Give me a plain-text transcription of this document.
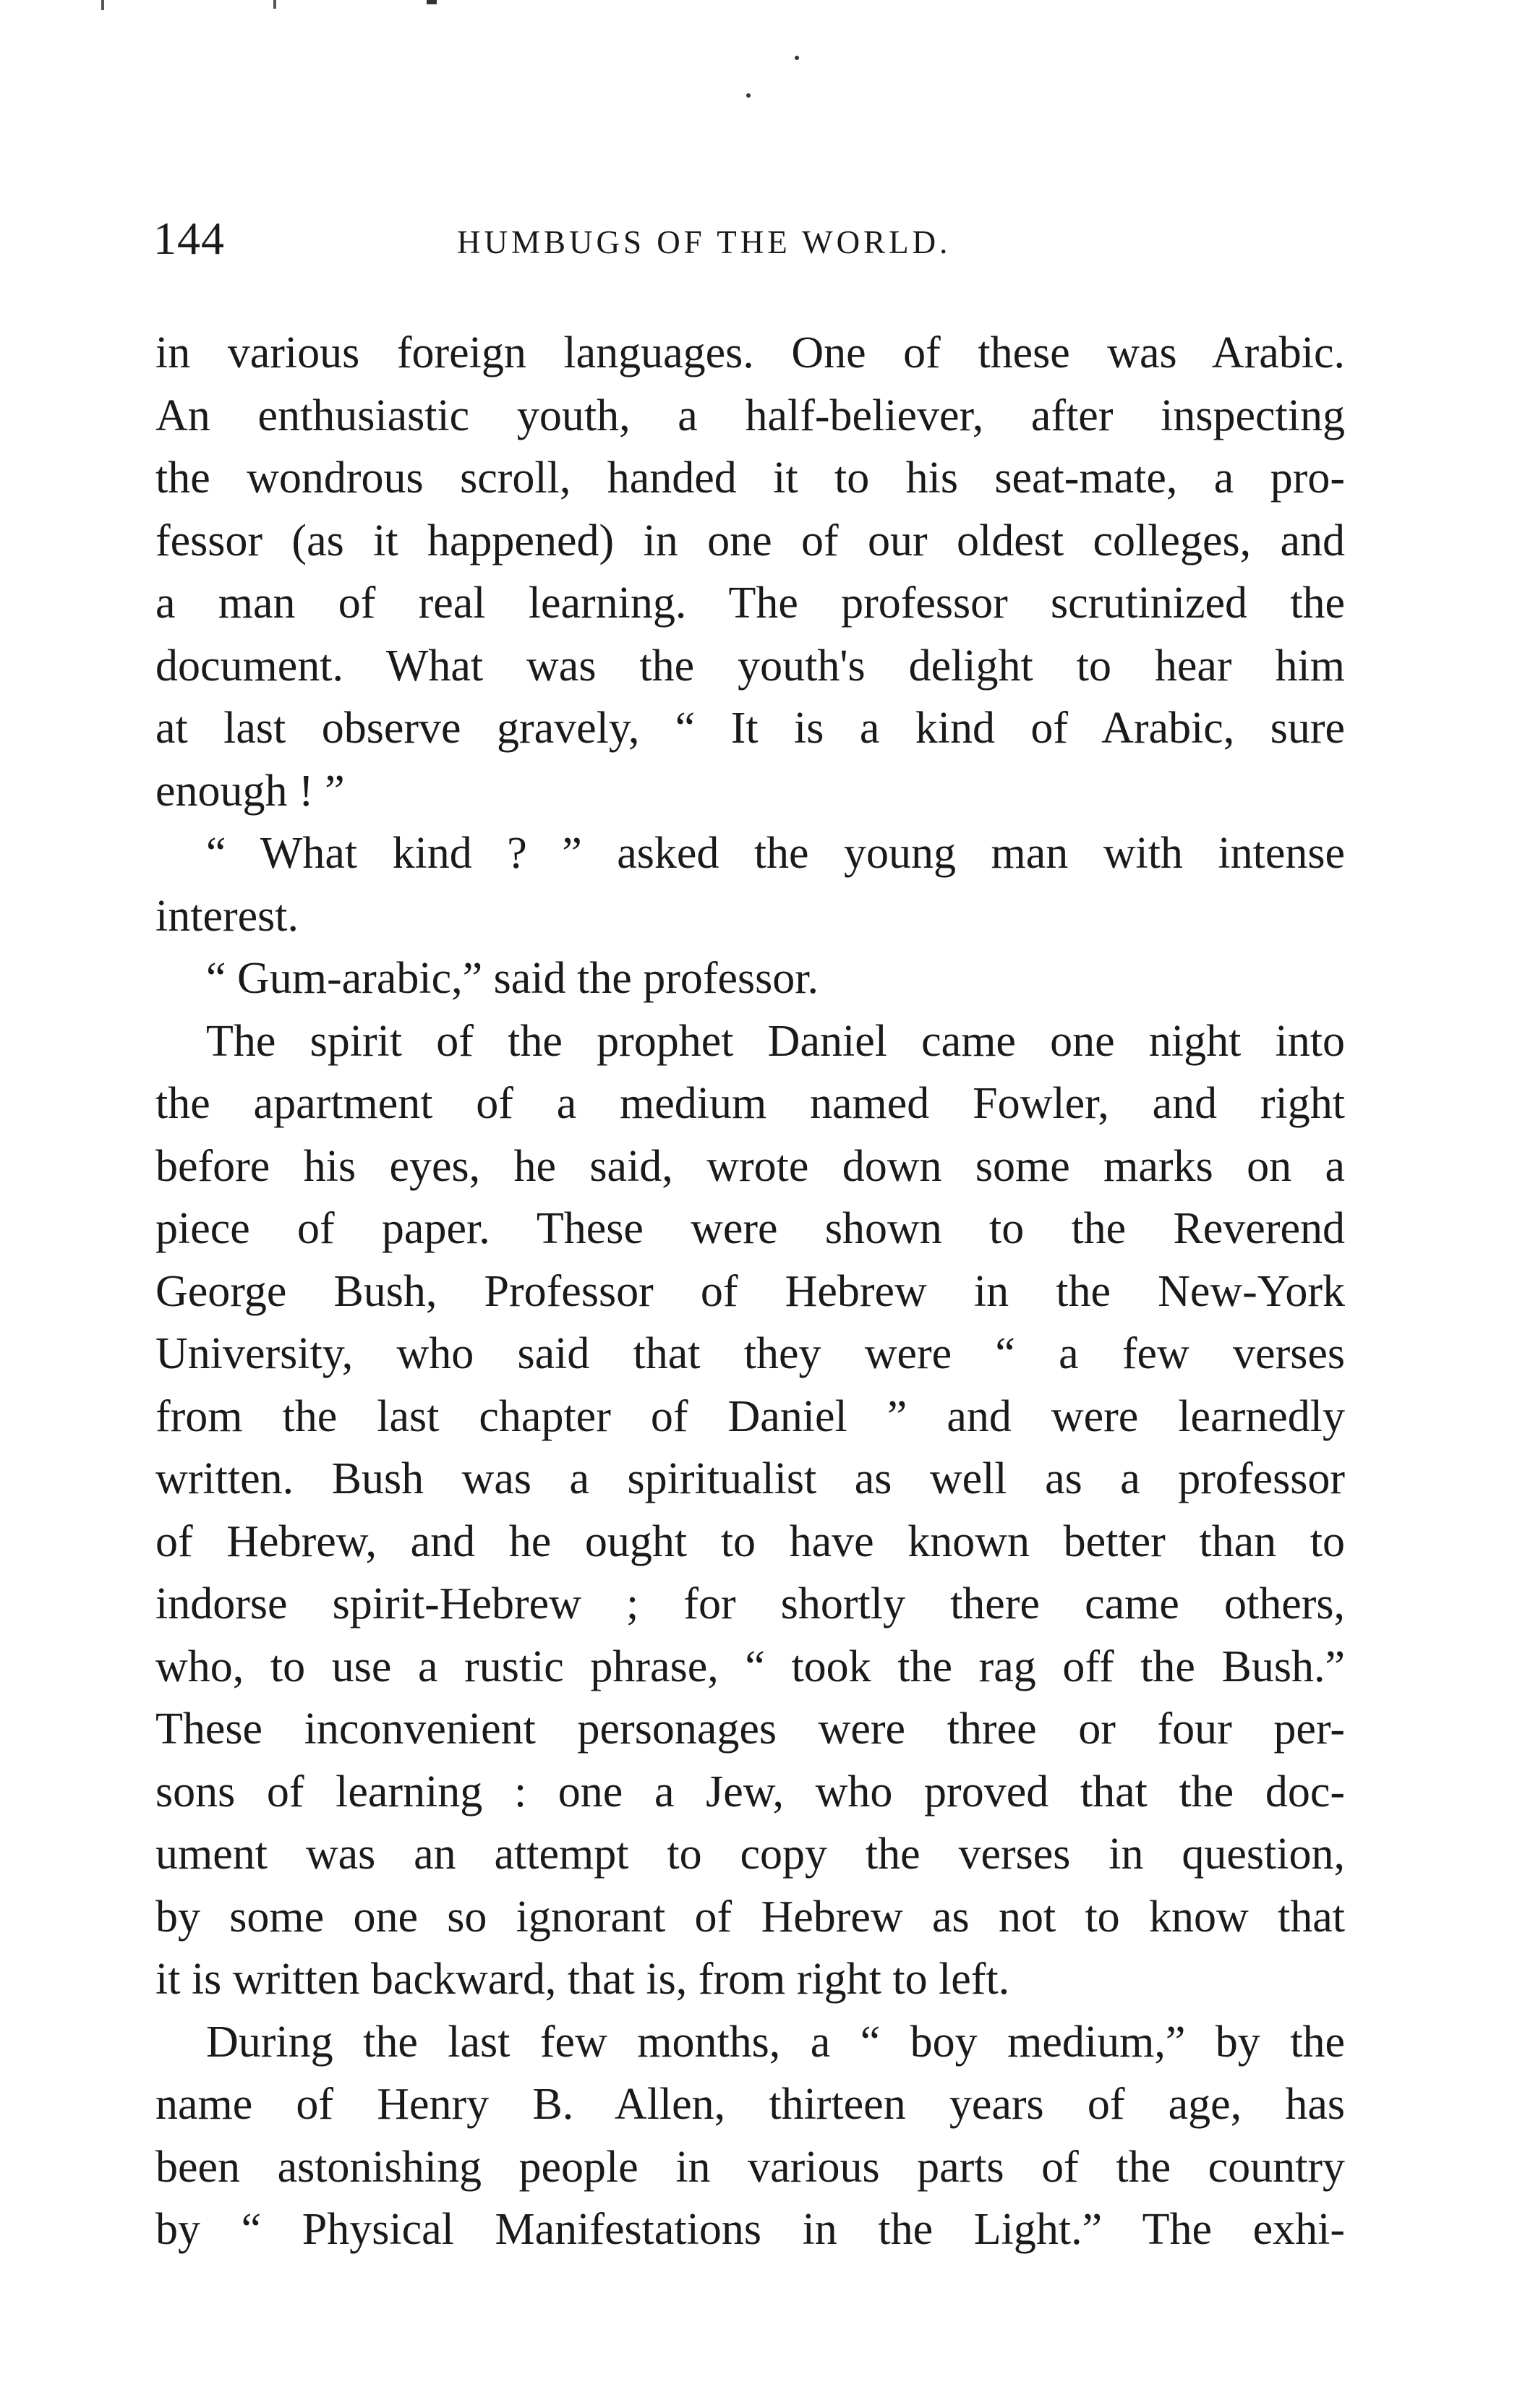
144	HUMBUGS OF THE WORLD.
in various foreign languages. One of these was Arabic.
An enthusiastic youth, a half-believer, after inspecting
the wondrous scroll, handed it to his seat-mate, a pro-
fessor (as it happened) in one of our oldest colleges, and
a man of real learning. The professor scrutinized the
document. What was the youth's delight to hear him
at last observe gravely, “ It is a kind of Arabic, sure
enough ! ”
“ What kind ? ” asked the young man with intense
interest.
“ Gum-arabic,” said the professor.
The spirit of the prophet Daniel came one night into
the apartment of a medium named Fowler, and right
before his eyes, he said, wrote down some marks on a
piece of paper. These were shown to the Reverend
George Bush, Professor of Hebrew in the New-York
University, who said that they were “ a few verses
from the last chapter of Daniel ” and were learnedly
written. Bush was a spiritualist as well as a professor
of Hebrew, and he ought to have known better than to
indorse spirit-Hebrew ; for shortly there came others,
who, to use a rustic phrase, “ took the rag off the Bush.”
These inconvenient personages were three or four per-
sons of learning : one a Jew, who proved that the doc-
ument was an attempt to copy the verses in question,
by some one so ignorant of Hebrew as not to know that
it is written backward, that is, from right to left.
During the last few months, a “ boy medium,” by the
name of Henry B. Allen, thirteen years of age, has
been astonishing people in various parts of the country
by “ Physical Manifestations in the Light.” The exhi-
